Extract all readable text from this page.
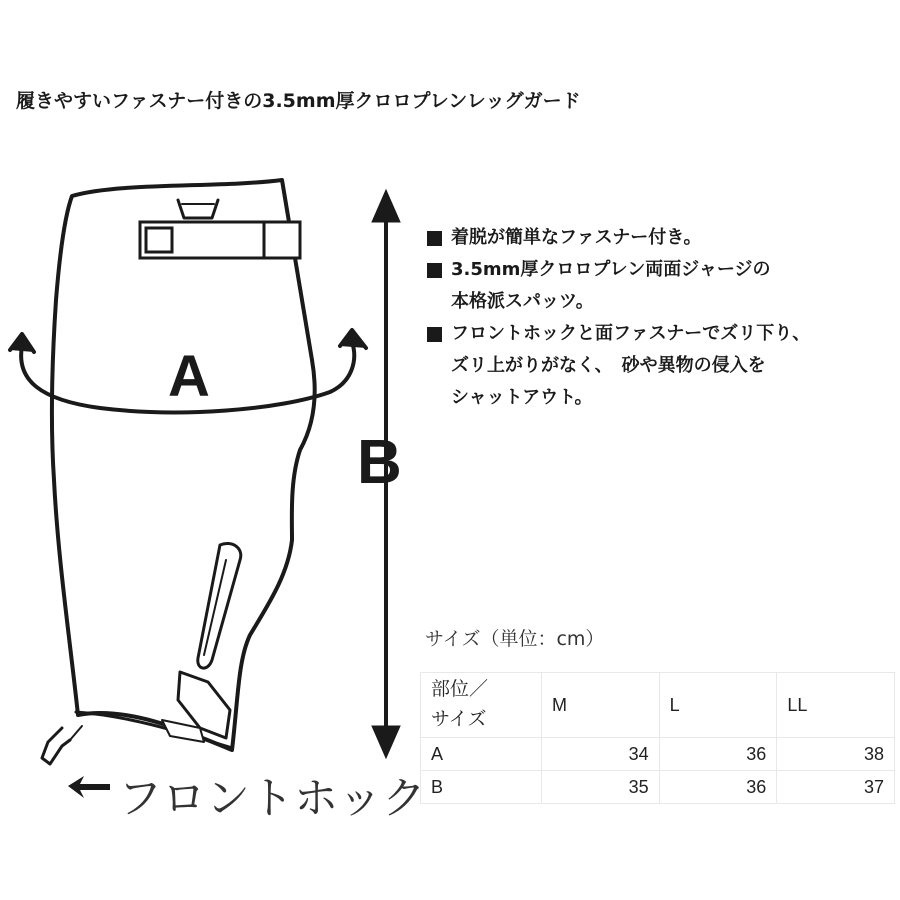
履きやすいファスナー付きの3.5mm厚クロロプレンレッグガード
A
B
フロントホック
着脱が簡単なファスナー付き。
3.5mm厚クロロプレン両面ジャージの
本格派スパッツ。
フロントホックと面ファスナーでズリ下り、
ズリ上がりがなく、　砂や異物の侵入を
シャットアウト。
サイズ（単位：cm）
部位／
サイズ	M	L	LL
A	34	36	38
B	35	36	37
